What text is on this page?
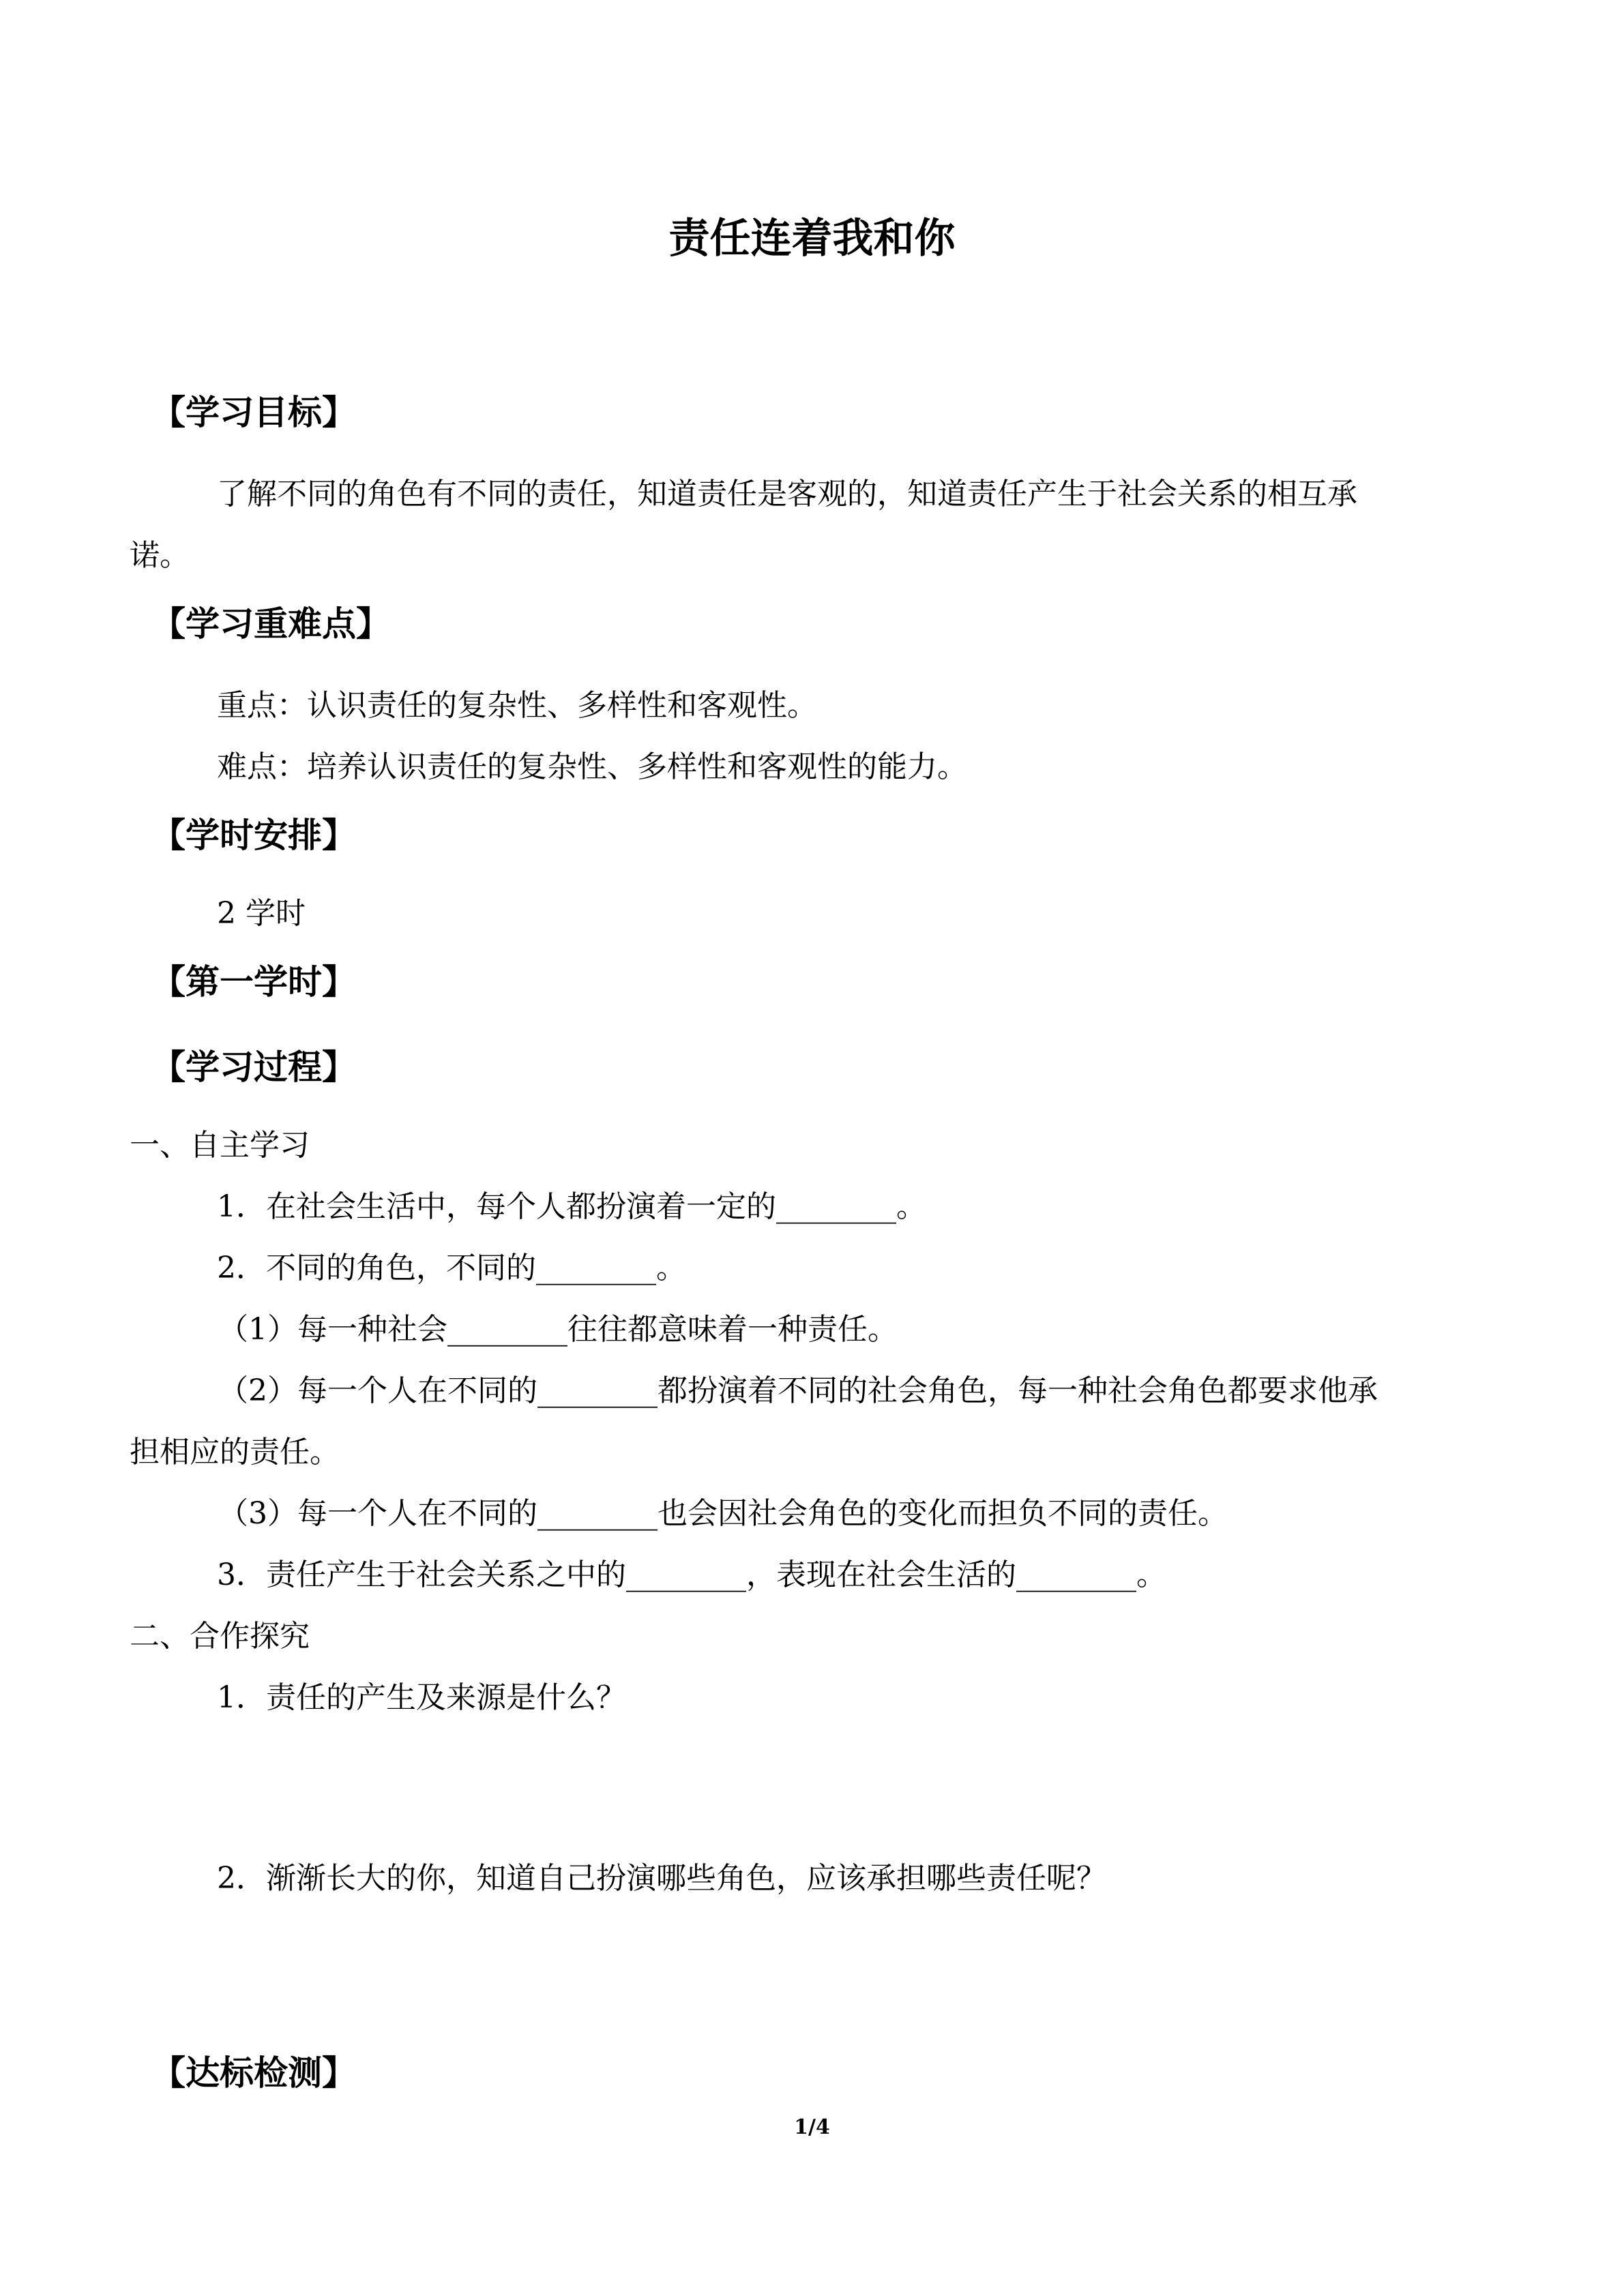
责任连着我和你
【学习目标】
了解不同的角色有不同的责任，知道责任是客观的，知道责任产生于社会关系的相互承
诺。
【学习重难点】
重点：认识责任的复杂性、多样性和客观性。
难点：培养认识责任的复杂性、多样性和客观性的能力。
【学时安排】
2 学时
【第一学时】
【学习过程】
一、自主学习
1．在社会生活中，每个人都扮演着一定的________。
2．不同的角色，不同的________。
（1）每一种社会________往往都意味着一种责任。
（2）每一个人在不同的________都扮演着不同的社会角色，每一种社会角色都要求他承
担相应的责任。
（3）每一个人在不同的________也会因社会角色的变化而担负不同的责任。
3．责任产生于社会关系之中的________，表现在社会生活的________。
二、合作探究
1．责任的产生及来源是什么？
2．渐渐长大的你，知道自己扮演哪些角色，应该承担哪些责任呢？
【达标检测】
1/4
